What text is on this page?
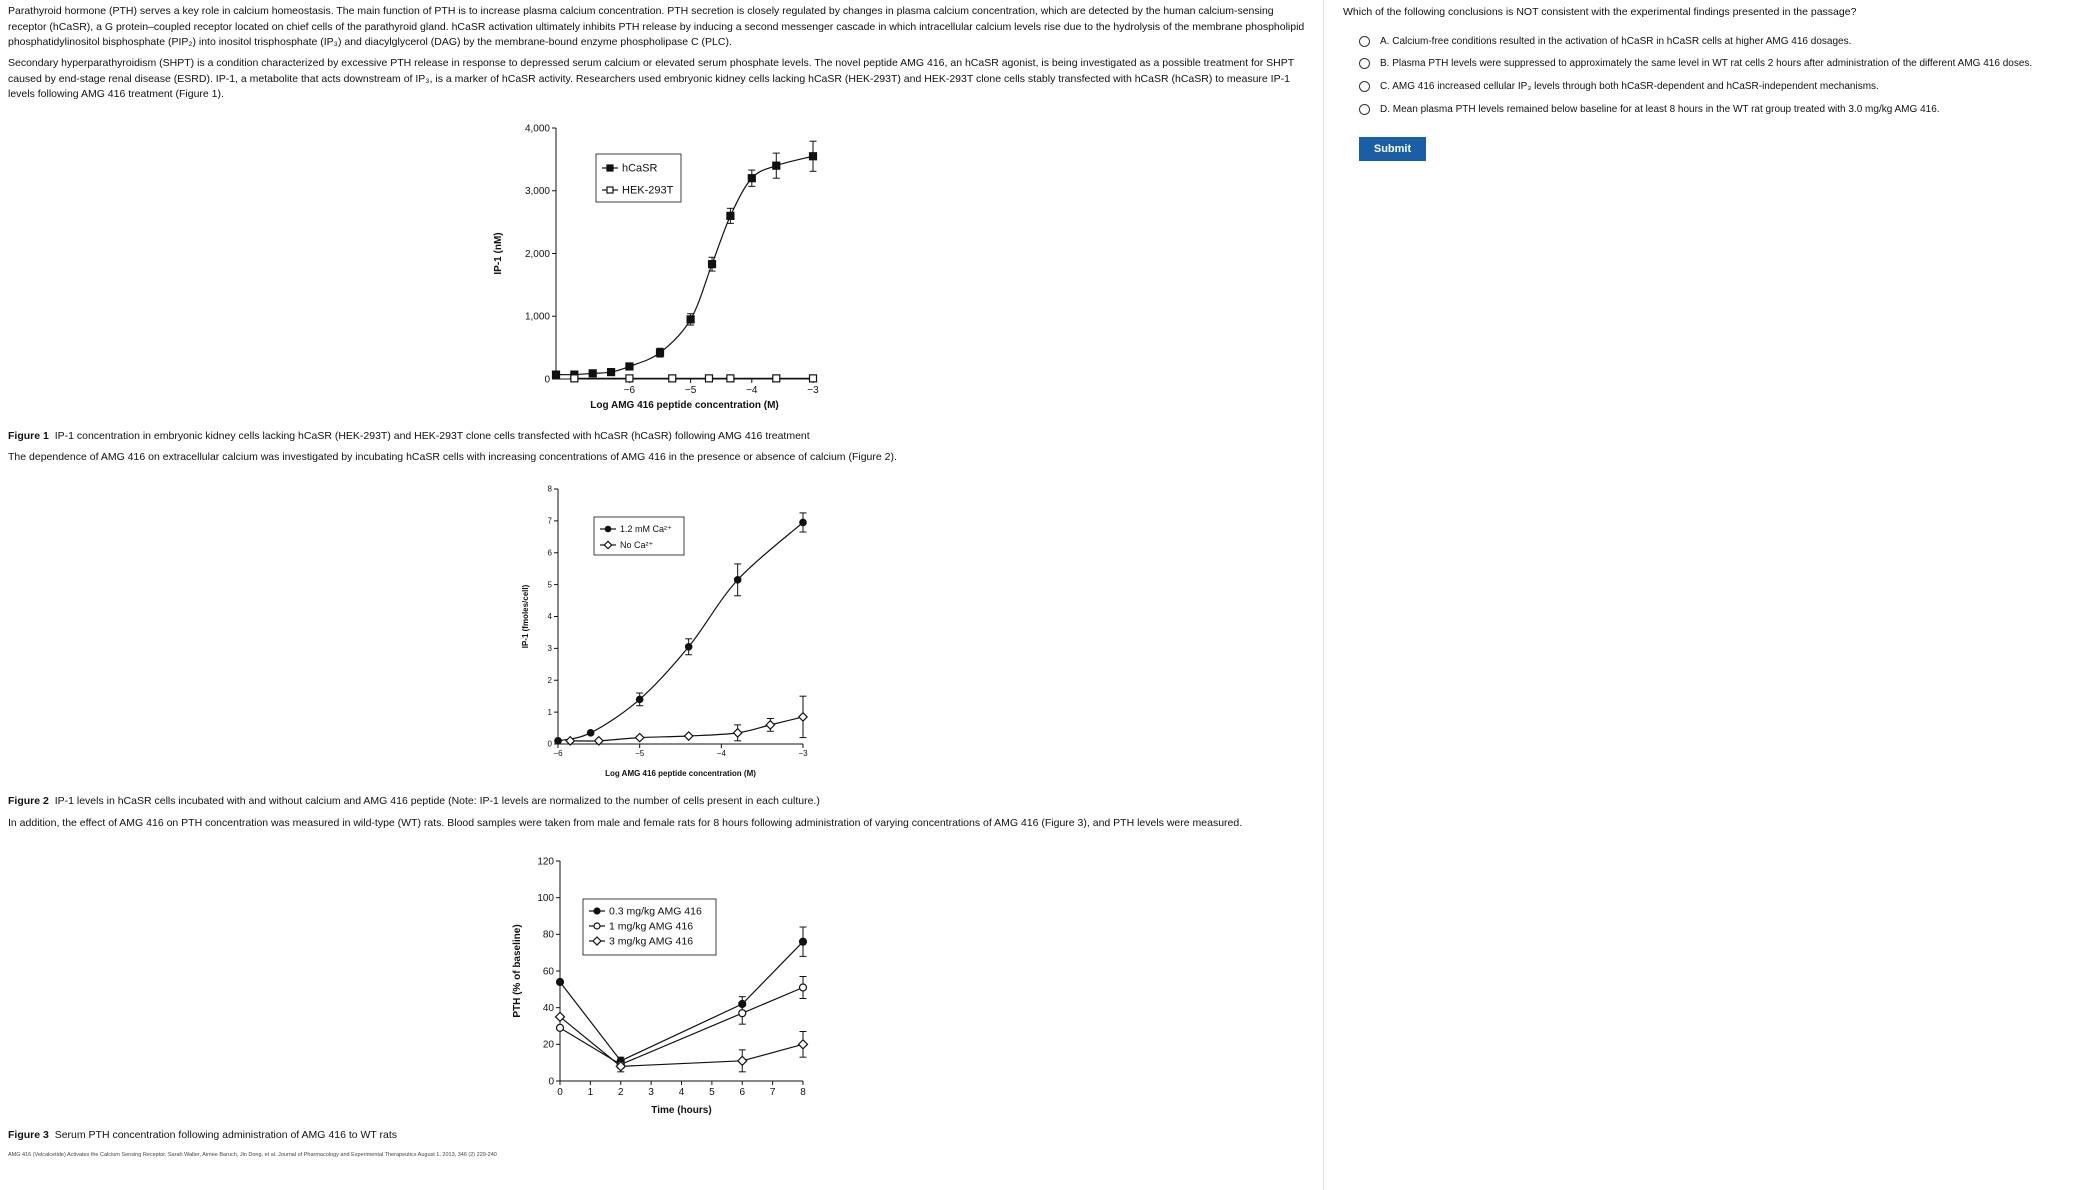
Parathyroid hormone (PTH) serves a key role in calcium homeostasis. The main function of PTH is to increase plasma calcium concentration. PTH secretion is closely regulated by changes in plasma calcium concentration, which are detected by the human calcium-sensing receptor (hCaSR), a G protein–coupled receptor located on chief cells of the parathyroid gland. hCaSR activation ultimately inhibits PTH release by inducing a second messenger cascade in which intracellular calcium levels rise due to the hydrolysis of the membrane phospholipid phosphatidylinositol bisphosphate (PIP₂) into inositol trisphosphate (IP₃) and diacylglycerol (DAG) by the membrane-bound enzyme phospholipase C (PLC).

Secondary hyperparathyroidism (SHPT) is a condition characterized by excessive PTH release in response to depressed serum calcium or elevated serum phosphate levels. The novel peptide AMG 416, an hCaSR agonist, is being investigated as a possible treatment for SHPT caused by end-stage renal disease (ESRD). IP-1, a metabolite that acts downstream of IP₃, is a marker of hCaSR activity. Researchers used embryonic kidney cells lacking hCaSR (HEK-293T) and HEK-293T clone cells stably transfected with hCaSR (hCaSR) to measure IP-1 levels following AMG 416 treatment (Figure 1).

0
1,000
2,000
3,000
4,000
−6	−5	−4	−3
Log AMG 416 peptide concentration (M)
IP-1 (nM)
hCaSR
HEK-293T

Figure 1 IP-1 concentration in embryonic kidney cells lacking hCaSR (HEK-293T) and HEK-293T clone cells transfected with hCaSR (hCaSR) following AMG 416 treatment

The dependence of AMG 416 on extracellular calcium was investigated by incubating hCaSR cells with increasing concentrations of AMG 416 in the presence or absence of calcium (Figure 2).

0
1
2
3
4
5
6
7
8
−6	−5	−4	−3
Log AMG 416 peptide concentration (M)
IP-1 (fmoles/cell)
1.2 mM Ca²⁺
No Ca²⁺

Figure 2 IP-1 levels in hCaSR cells incubated with and without calcium and AMG 416 peptide (Note: IP-1 levels are normalized to the number of cells present in each culture.)

In addition, the effect of AMG 416 on PTH concentration was measured in wild-type (WT) rats. Blood samples were taken from male and female rats for 8 hours following administration of varying concentrations of AMG 416 (Figure 3), and PTH levels were measured.

0
20
40
60
80
100
120
0 1 2 3 4 5 6 7 8
Time (hours)
PTH (% of baseline)
0.3 mg/kg AMG 416
1 mg/kg AMG 416
3 mg/kg AMG 416

Figure 3 Serum PTH concentration following administration of AMG 416 to WT rats

AMG 416 (Velcalcetide) Activates the Calcium Sensing Receptor. Sarah Walter, Aimee Baruch, Jin Dong, et al. Journal of Pharmacology and Experimental Therapeutics August 1, 2013, 346 (2) 229-240
Which of the following conclusions is NOT consistent with the experimental findings presented in the passage?
A. Calcium-free conditions resulted in the activation of hCaSR in hCaSR cells at higher AMG 416 dosages.
B. Plasma PTH levels were suppressed to approximately the same level in WT rat cells 2 hours after administration of the different AMG 416 doses.
C. AMG 416 increased cellular IP₃ levels through both hCaSR-dependent and hCaSR-independent mechanisms.
D. Mean plasma PTH levels remained below baseline for at least 8 hours in the WT rat group treated with 3.0 mg/kg AMG 416.
Submit
